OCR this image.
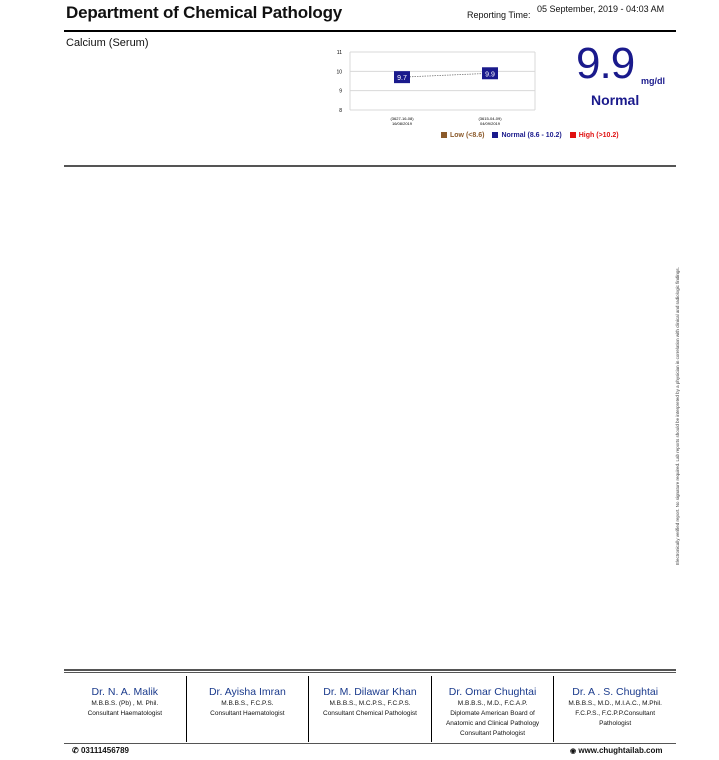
Department of Chemical Pathology	Reporting Time:
05 September, 2019 - 04:03 AM
Calcium (Serum)
11
10
9
8
9.7
9.9
(3627-16-08)
16/08/2019
(3615-04-09)
04/09/2019
Low (<8.6) Normal (8.6 - 10.2) High (>10.2)
9.9 mg/dl
Normal
Electronically verified report. No signature required. Lab reports should be interpreted by a physician in correlation with clinical and radiologic findings.
Dr. N. A. Malik
M.B.B.S. (Pb) , M. Phil.
Consultant Haematologist
Dr. Ayisha Imran
M.B.B.S., F.C.P.S.
Consultant Haematologist
Dr. M. Dilawar Khan
M.B.B.S., M.C.P.S., F.C.P.S.
Consultant Chemical Pathologist
Dr. Omar Chughtai
M.B.B.S., M.D., F.C.A.P.
Diplomate American Board of
Anatomic and Clinical Pathology
Consultant Pathologist
Dr. A . S. Chughtai
M.B.B.S., M.D., M.I.A.C., M.Phil.
F.C.P.S., F.C.P.P.Consultant
Pathologist
✆ 03111456789	◉ www.chughtailab.com
